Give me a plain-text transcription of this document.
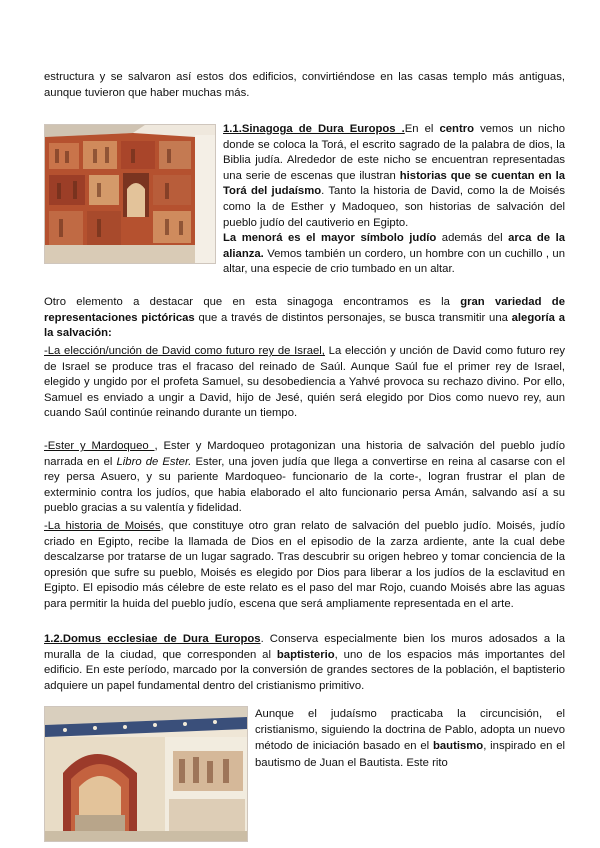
estructura y se salvaron así estos dos edificios, convirtiéndose en las casas templo más antiguas, aunque tuvieron que haber muchas más.

1.1.Sinagoga de Dura Europos .En el centro vemos un nicho donde se coloca la Torá, el escrito sagrado de la palabra de dios, la Biblia judía. Alrededor de este nicho se encuentran representadas una serie de escenas que ilustran historias que se cuentan en la Torá del judaísmo. Tanto la historia de David, como la de Moisés como la de Esther y Madoqueo, son historias de salvación del pueblo judío del cautiverio en Egipto.
La menorá es el mayor símbolo judío además del arca de la alianza. Vemos también un cordero, un hombre con un cuchillo , un altar, una especie de crio tumbado en un altar.

Otro elemento a destacar que en esta sinagoga encontramos es la gran variedad de representaciones pictóricas que a través de distintos personajes, se busca transmitir una alegoría a la salvación:

-La elección/unción de David como futuro rey de Israel, La elección y unción de David como futuro rey de Israel se produce tras el fracaso del reinado de Saúl. Aunque Saúl fue el primer rey de Israel, elegido y ungido por el profeta Samuel, su desobediencia a Yahvé provoca su rechazo divino. Por ello, Samuel es enviado a ungir a David, hijo de Jesé, quién será elegido por Dios como nuevo rey, aun cuando Saúl continúe reinando durante un tiempo.

-Ester y Mardoqueo , Ester y Mardoqueo protagonizan una historia de salvación del pueblo judío narrada en el Libro de Ester. Ester, una joven judía que llega a convertirse en reina al casarse con el rey persa Asuero, y su pariente Mardoqueo- funcionario de la corte-, logran frustrar el plan de exterminio contra los judíos, que habia elaborado el alto funcionario persa Amán, salvando así a su pueblo gracias a su valentía y fidelidad.

-La historia de Moisés, que constituye otro gran relato de salvación del pueblo judío. Moisés, judío criado en Egipto, recibe la llamada de Dios en el episodio de la zarza ardiente, ante la cual debe descalzarse por tratarse de un lugar sagrado. Tras descubrir su origen hebreo y tomar conciencia de la opresión que sufre su pueblo, Moisés es elegido por Dios para liberar a los judíos de la esclavitud en Egipto. El episodio más célebre de este relato es el paso del mar Rojo, cuando Moisés abre las aguas para permitir la huida del pueblo judío, escena que será ampliamente representada en el arte.

1.2.Domus ecclesiae de Dura Europos. Conserva especialmente bien los muros adosados a la muralla de la ciudad, que corresponden al baptisterio, uno de los espacios más importantes del edificio. En este período, marcado por la conversión de grandes sectores de la población, el baptisterio adquiere un papel fundamental dentro del cristianismo primitivo.

Aunque el judaísmo practicaba la circuncisión, el cristianismo, siguiendo la doctrina de Pablo, adopta un nuevo método de iniciación basado en el bautismo, inspirado en el bautismo de Juan el Bautista. Este rito
